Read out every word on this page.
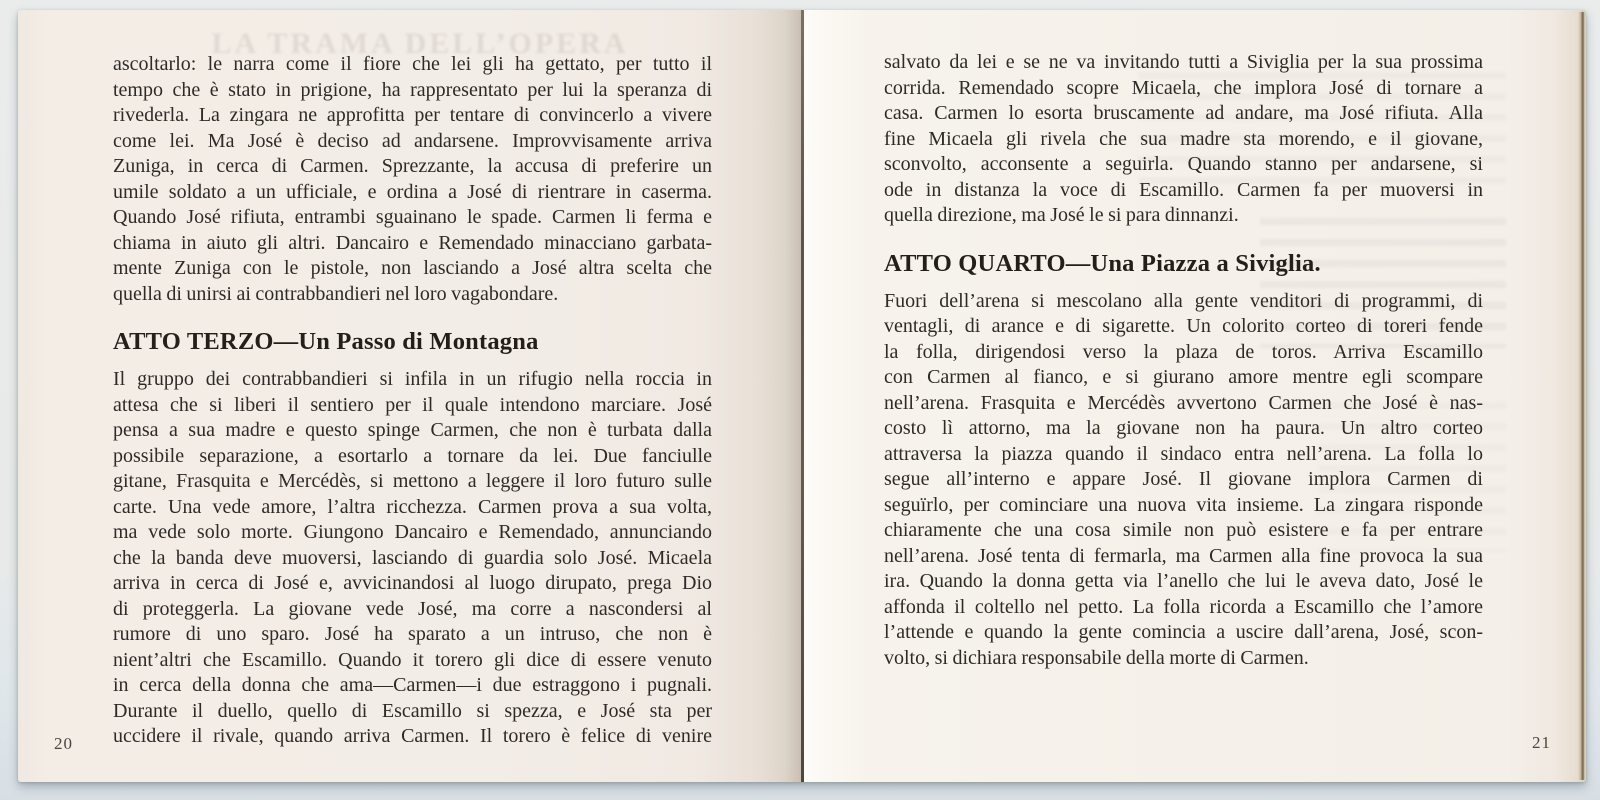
LA TRAMA DELL’OPERA
ascoltarlo: le narra come il fiore che lei gli ha gettato, per tutto il
tempo che è stato in prigione, ha rappresentato per lui la speranza di
rivederla. La zingara ne approfitta per tentare di convincerlo a vivere
come lei. Ma José è deciso ad andarsene. Improvvisamente arriva
Zuniga, in cerca di Carmen. Sprezzante, la accusa di preferire un
umile soldato a un ufficiale, e ordina a José di rientrare in caserma.
Quando José rifiuta, entrambi sguainano le spade. Carmen li ferma e
chiama in aiuto gli altri. Dancairo e Remendado minacciano garbata-
mente Zuniga con le pistole, non lasciando a José altra scelta che
quella di unirsi ai contrabbandieri nel loro vagabondare.
ATTO TERZO—Un Passo di Montagna
Il gruppo dei contrabbandieri si infila in un rifugio nella roccia in
attesa che si liberi il sentiero per il quale intendono marciare. José
pensa a sua madre e questo spinge Carmen, che non è turbata dalla
possibile separazione, a esortarlo a tornare da lei. Due fanciulle
gitane, Frasquita e Mercédès, si mettono a leggere il loro futuro sulle
carte. Una vede amore, l’altra ricchezza. Carmen prova a sua volta,
ma vede solo morte. Giungono Dancairo e Remendado, annunciando
che la banda deve muoversi, lasciando di guardia solo José. Micaela
arriva in cerca di José e, avvicinandosi al luogo dirupato, prega Dio
di proteggerla. La giovane vede José, ma corre a nascondersi al
rumore di uno sparo. José ha sparato a un intruso, che non è
nient’altri che Escamillo. Quando it torero gli dice di essere venuto
in cerca della donna che ama—Carmen—i due estraggono i pugnali.
Durante il duello, quello di Escamillo si spezza, e José sta per
uccidere il rivale, quando arriva Carmen. Il torero è felice di venire
salvato da lei e se ne va invitando tutti a Siviglia per la sua prossima
corrida. Remendado scopre Micaela, che implora José di tornare a
casa. Carmen lo esorta bruscamente ad andare, ma José rifiuta. Alla
fine Micaela gli rivela che sua madre sta morendo, e il giovane,
sconvolto, acconsente a seguirla. Quando stanno per andarsene, si
ode in distanza la voce di Escamillo. Carmen fa per muoversi in
quella direzione, ma José le si para dinnanzi.
ATTO QUARTO—Una Piazza a Siviglia.
Fuori dell’arena si mescolano alla gente venditori di programmi, di
ventagli, di arance e di sigarette. Un colorito corteo di toreri fende
la folla, dirigendosi verso la plaza de toros. Arriva Escamillo
con Carmen al fianco, e si giurano amore mentre egli scompare
nell’arena. Frasquita e Mercédès avvertono Carmen che José è nas-
costo lì attorno, ma la giovane non ha paura. Un altro corteo
attraversa la piazza quando il sindaco entra nell’arena. La folla lo
segue all’interno e appare José. Il giovane implora Carmen di
seguïrlo, per cominciare una nuova vita insieme. La zingara risponde
chiaramente che una cosa simile non può esistere e fa per entrare
nell’arena. José tenta di fermarla, ma Carmen alla fine provoca la sua
ira. Quando la donna getta via l’anello che lui le aveva dato, José le
affonda il coltello nel petto. La folla ricorda a Escamillo che l’amore
l’attende e quando la gente comincia a uscire dall’arena, José, scon-
volto, si dichiara responsabile della morte di Carmen.
20	21
